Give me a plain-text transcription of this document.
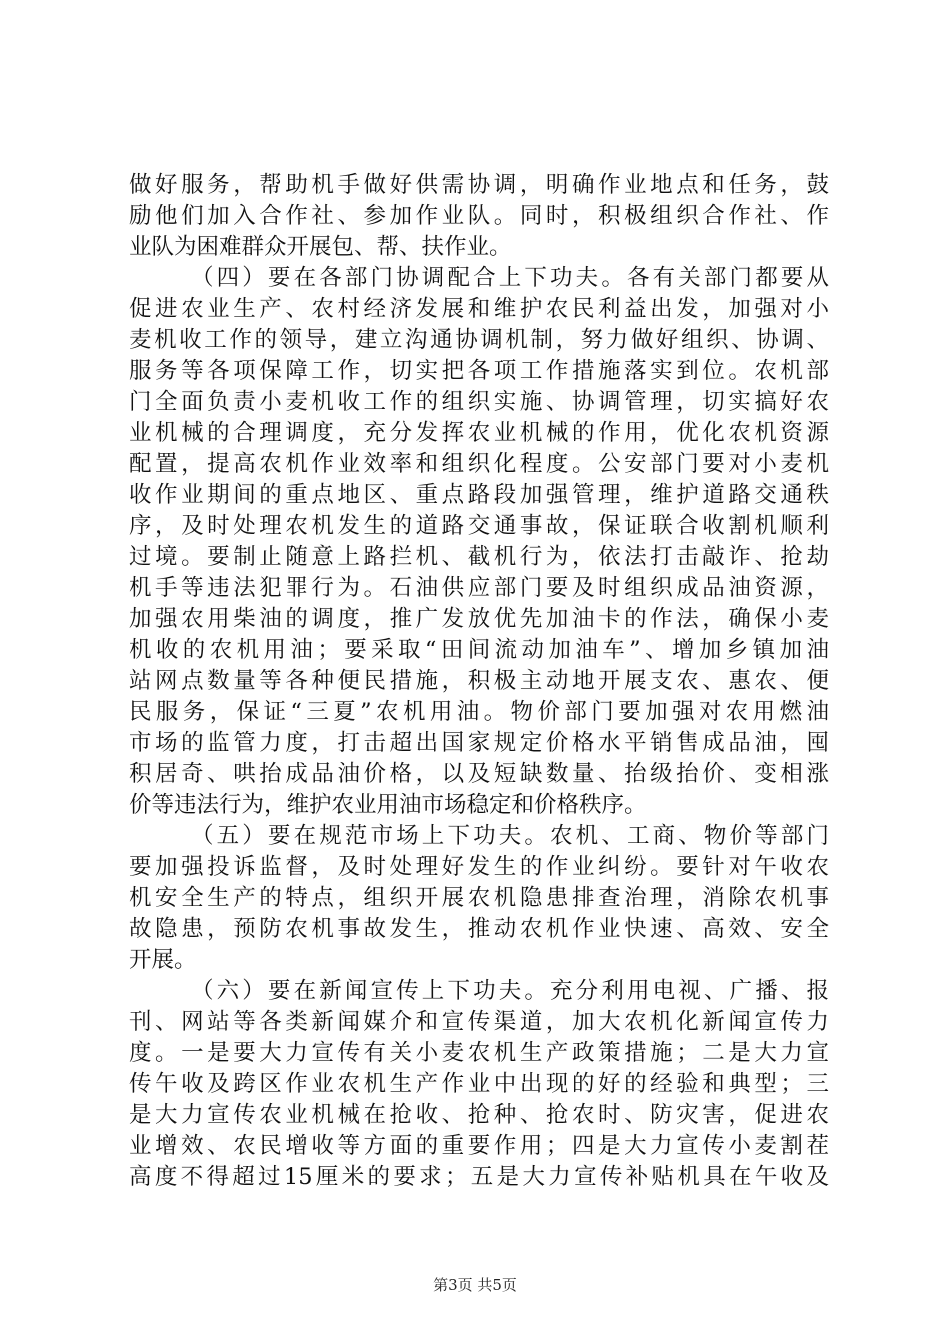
做好服务，帮助机手做好供需协调，明确作业地点和任务，鼓
励他们加入合作社、参加作业队。同时，积极组织合作社、作
业队为困难群众开展包、帮、扶作业。
（四）要在各部门协调配合上下功夫。各有关部门都要从
促进农业生产、农村经济发展和维护农民利益出发，加强对小
麦机收工作的领导，建立沟通协调机制，努力做好组织、协调、
服务等各项保障工作，切实把各项工作措施落实到位。农机部
门全面负责小麦机收工作的组织实施、协调管理，切实搞好农
业机械的合理调度，充分发挥农业机械的作用，优化农机资源
配置，提高农机作业效率和组织化程度。公安部门要对小麦机
收作业期间的重点地区、重点路段加强管理，维护道路交通秩
序，及时处理农机发生的道路交通事故，保证联合收割机顺利
过境。要制止随意上路拦机、截机行为，依法打击敲诈、抢劫
机手等违法犯罪行为。石油供应部门要及时组织成品油资源，
加强农用柴油的调度，推广发放优先加油卡的作法，确保小麦
机收的农机用油；要采取“田间流动加油车”、增加乡镇加油
站网点数量等各种便民措施，积极主动地开展支农、惠农、便
民服务，保证“三夏”农机用油。物价部门要加强对农用燃油
市场的监管力度，打击超出国家规定价格水平销售成品油，囤
积居奇、哄抬成品油价格，以及短缺数量、抬级抬价、变相涨
价等违法行为，维护农业用油市场稳定和价格秩序。
（五）要在规范市场上下功夫。农机、工商、物价等部门
要加强投诉监督，及时处理好发生的作业纠纷。要针对午收农
机安全生产的特点，组织开展农机隐患排查治理，消除农机事
故隐患，预防农机事故发生，推动农机作业快速、高效、安全
开展。
（六）要在新闻宣传上下功夫。充分利用电视、广播、报
刊、网站等各类新闻媒介和宣传渠道，加大农机化新闻宣传力
度。一是要大力宣传有关小麦农机生产政策措施；二是大力宣
传午收及跨区作业农机生产作业中出现的好的经验和典型；三
是大力宣传农业机械在抢收、抢种、抢农时、防灾害，促进农
业增效、农民增收等方面的重要作用；四是大力宣传小麦割茬
高度不得超过15厘米的要求；五是大力宣传补贴机具在午收及
第3页 共5页
